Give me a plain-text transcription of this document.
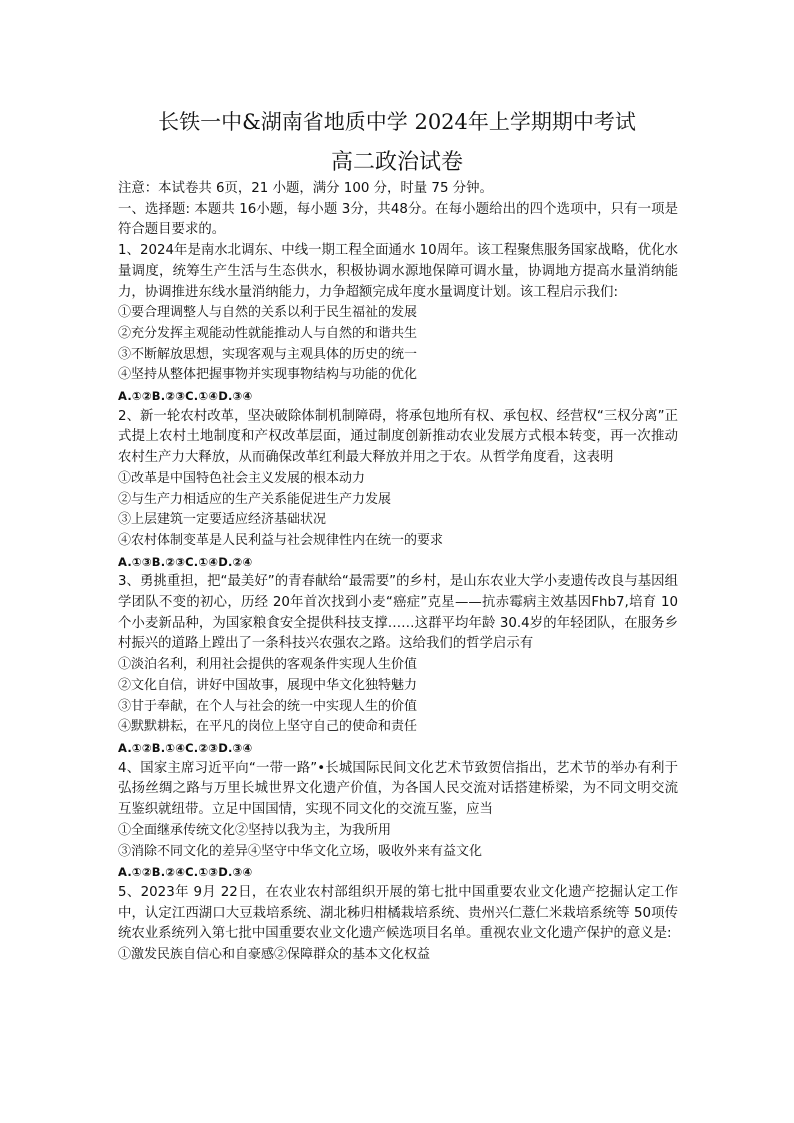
长铁一中&湖南省地质中学 2024年上学期期中考试
高二政治试卷

注意：本试卷共 6页，21 小题，满分 100 分，时量 75 分钟。

一、选择题: 本题共 16小题，每小题 3分，共48分。在每小题给出的四个选项中，只有一项是符合题目要求的。

1、2024年是南水北调东、中线一期工程全面通水 10周年。该工程聚焦服务国家战略，优化水量调度，统筹生产生活与生态供水，积极协调水源地保障可调水量，协调地方提高水量消纳能力，协调推进东线水量消纳能力，力争超额完成年度水量调度计划。该工程启示我们:

①要合理调整人与自然的关系以利于民生福祉的发展

②充分发挥主观能动性就能推动人与自然的和谐共生

③不断解放思想，实现客观与主观具体的历史的统一

④坚持从整体把握事物并实现事物结构与功能的优化

A.①②B.②③C.①④D.③④

2、新一轮农村改革，坚决破除体制机制障碍，将承包地所有权、承包权、经营权“三权分离”正式提上农村土地制度和产权改革层面，通过制度创新推动农业发展方式根本转变，再一次推动农村生产力大释放，从而确保改革红利最大释放并用之于农。从哲学角度看，这表明

①改革是中国特色社会主义发展的根本动力

②与生产力相适应的生产关系能促进生产力发展

③上层建筑一定要适应经济基础状况

④农村体制变革是人民利益与社会规律性内在统一的要求

A.①③B.②③C.①④D.②④

3、勇挑重担，把“最美好”的青春献给“最需要”的乡村，是山东农业大学小麦遗传改良与基因组学团队不变的初心，历经 20年首次找到小麦“癌症”克星——抗赤霉病主效基因Fhb7,培育 10个小麦新品种，为国家粮食安全提供科技支撑……这群平均年龄 30.4岁的年轻团队，在服务乡村振兴的道路上蹚出了一条科技兴农强农之路。这给我们的哲学启示有

①淡泊名利，利用社会提供的客观条件实现人生价值

②文化自信，讲好中国故事，展现中华文化独特魅力

③甘于奉献，在个人与社会的统一中实现人生的价值

④默默耕耘，在平凡的岗位上坚守自己的使命和责任

A.①②B.①④C.②③D.③④

4、国家主席习近平向“一带一路”•长城国际民间文化艺术节致贺信指出，艺术节的举办有利于弘扬丝绸之路与万里长城世界文化遗产价值，为各国人民交流对话搭建桥梁，为不同文明交流互鉴织就纽带。立足中国国情，实现不同文化的交流互鉴，应当

①全面继承传统文化②坚持以我为主，为我所用

③消除不同文化的差异④坚守中华文化立场，吸收外来有益文化

A.①②B.②④C.①③D.③④

5、2023年 9月 22日，在农业农村部组织开展的第七批中国重要农业文化遗产挖掘认定工作中，认定江西湖口大豆栽培系统、湖北秭归柑橘栽培系统、贵州兴仁薏仁米栽培系统等 50项传统农业系统列入第七批中国重要农业文化遗产候选项目名单。重视农业文化遗产保护的意义是:

①激发民族自信心和自豪感②保障群众的基本文化权益
